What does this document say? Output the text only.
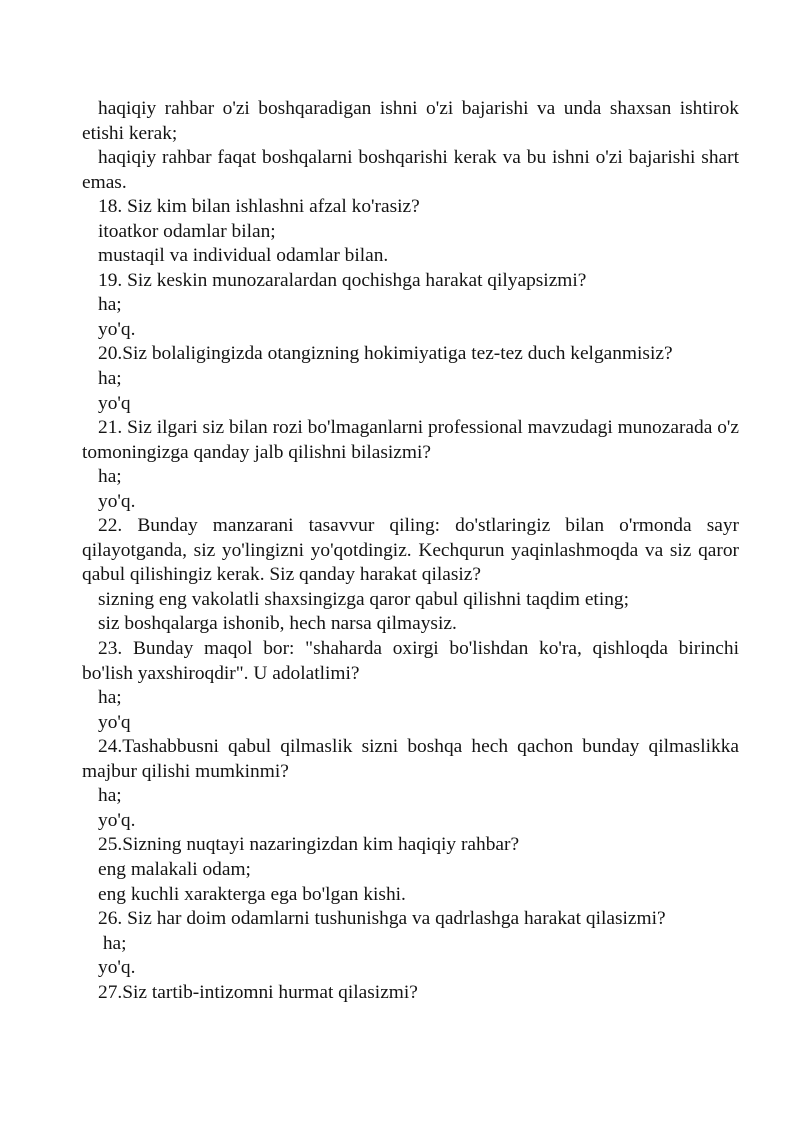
haqiqiy rahbar o'zi boshqaradigan ishni o'zi bajarishi va unda shaxsan ishtirok etishi kerak;

haqiqiy rahbar faqat boshqalarni boshqarishi kerak va bu ishni o'zi bajarishi shart emas.

18. Siz kim bilan ishlashni afzal ko'rasiz?

itoatkor odamlar bilan;

mustaqil va individual odamlar bilan.

19. Siz keskin munozaralardan qochishga harakat qilyapsizmi?

ha;

yo'q.

20.Siz bolaligingizda otangizning hokimiyatiga tez-tez duch kelganmisiz?

ha;

yo'q

21. Siz ilgari siz bilan rozi bo'lmaganlarni professional mavzudagi munozarada o'z tomoningizga qanday jalb qilishni bilasizmi?

ha;

yo'q.

22. Bunday manzarani tasavvur qiling: do'stlaringiz bilan o'rmonda sayr qilayotganda, siz yo'lingizni yo'qotdingiz. Kechqurun yaqinlashmoqda va siz qaror qabul qilishingiz kerak. Siz qanday harakat qilasiz?

sizning eng vakolatli shaxsingizga qaror qabul qilishni taqdim eting;

siz boshqalarga ishonib, hech narsa qilmaysiz.

23. Bunday maqol bor: "shaharda oxirgi bo'lishdan ko'ra, qishloqda birinchi bo'lish yaxshiroqdir". U adolatlimi?

ha;

yo'q

24.Tashabbusni qabul qilmaslik sizni boshqa hech qachon bunday qilmaslikka majbur qilishi mumkinmi?

ha;

yo'q.

25.Sizning nuqtayi nazaringizdan kim haqiqiy rahbar?

eng malakali odam;

eng kuchli xarakterga ega bo'lgan kishi.

26. Siz har doim odamlarni tushunishga va qadrlashga harakat qilasizmi?

ha;

yo'q.

27.Siz tartib-intizomni hurmat qilasizmi?
